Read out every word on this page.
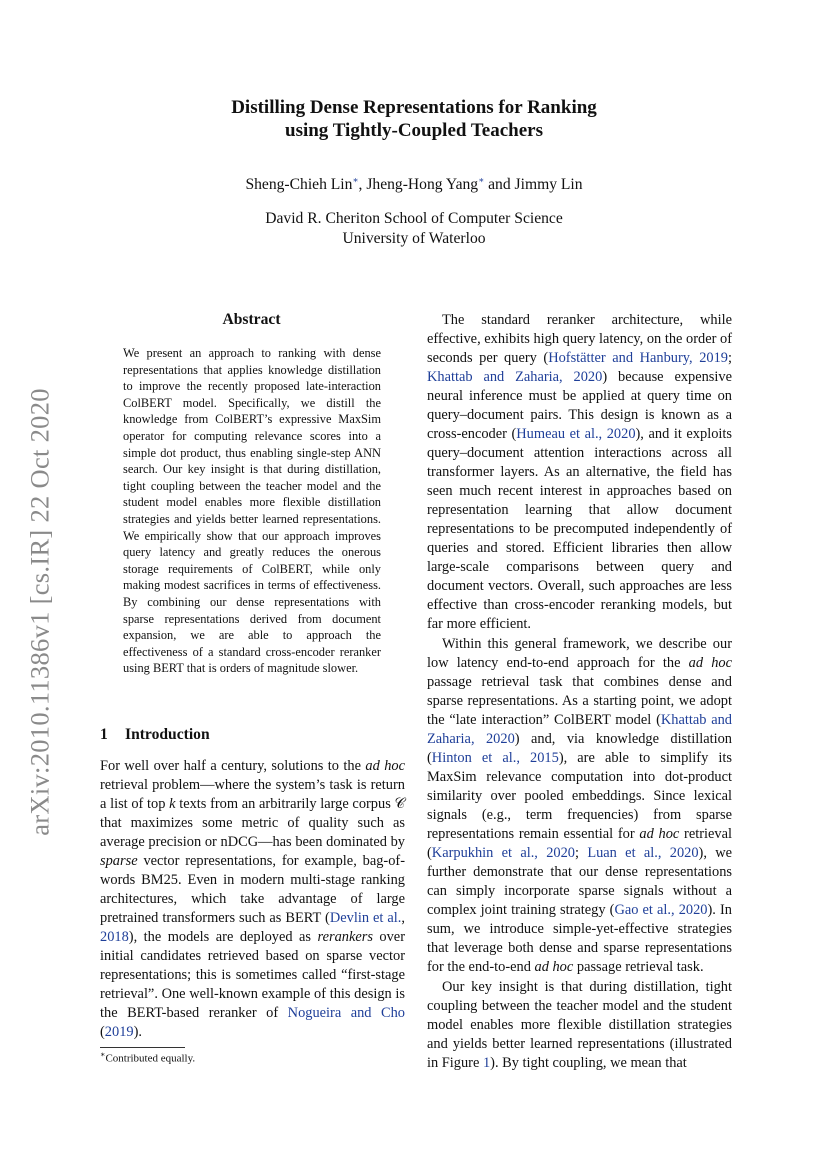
arXiv:2010.11386v1 [cs.IR] 22 Oct 2020
Distilling Dense Representations for Ranking
using Tightly-Coupled Teachers
Sheng-Chieh Lin∗, Jheng-Hong Yang∗ and Jimmy Lin
David R. Cheriton School of Computer Science
University of Waterloo
Abstract
We present an approach to ranking with dense representations that applies knowledge distillation to improve the recently proposed late-interaction ColBERT model. Specifically, we distill the knowledge from ColBERT’s expressive MaxSim operator for computing relevance scores into a simple dot product, thus enabling single-step ANN search. Our key insight is that during distillation, tight coupling between the teacher model and the student model enables more flexible distillation strategies and yields better learned representations. We empirically show that our approach improves query latency and greatly reduces the onerous storage requirements of ColBERT, while only making modest sacrifices in terms of effectiveness. By combining our dense representations with sparse representations derived from document expansion, we are able to approach the effectiveness of a standard cross-encoder reranker using BERT that is orders of magnitude slower.
1 Introduction

For well over half a century, solutions to the ad hoc retrieval problem—where the system’s task is return a list of top k texts from an arbitrarily large corpus 𝒞 that maximizes some metric of quality such as average precision or nDCG—has been dominated by sparse vector representations, for example, bag-of-words BM25. Even in modern multi-stage ranking architectures, which take advantage of large pretrained transformers such as BERT (Devlin et al., 2018), the models are deployed as rerankers over initial candidates retrieved based on sparse vector representations; this is sometimes called “first-stage retrieval”. One well-known example of this design is the BERT-based reranker of Nogueira and Cho (2019).

The standard reranker architecture, while effective, exhibits high query latency, on the order of seconds per query (Hofstätter and Hanbury, 2019; Khattab and Zaharia, 2020) because expensive neural inference must be applied at query time on query–document pairs. This design is known as a cross-encoder (Humeau et al., 2020), and it exploits query–document attention interactions across all transformer layers. As an alternative, the field has seen much recent interest in approaches based on representation learning that allow document representations to be precomputed independently of queries and stored. Efficient libraries then allow large-scale comparisons between query and document vectors. Overall, such approaches are less effective than cross-encoder reranking models, but far more efficient.

Within this general framework, we describe our low latency end-to-end approach for the ad hoc passage retrieval task that combines dense and sparse representations. As a starting point, we adopt the “late interaction” ColBERT model (Khattab and Zaharia, 2020) and, via knowledge distillation (Hinton et al., 2015), are able to simplify its MaxSim relevance computation into dot-product similarity over pooled embeddings. Since lexical signals (e.g., term frequencies) from sparse representations remain essential for ad hoc retrieval (Karpukhin et al., 2020; Luan et al., 2020), we further demonstrate that our dense representations can simply incorporate sparse signals without a complex joint training strategy (Gao et al., 2020). In sum, we introduce simple-yet-effective strategies that leverage both dense and sparse representations for the end-to-end ad hoc passage retrieval task.

Our key insight is that during distillation, tight coupling between the teacher model and the student model enables more flexible distillation strategies and yields better learned representations (illustrated in Figure 1). By tight coupling, we mean that

∗Contributed equally.
